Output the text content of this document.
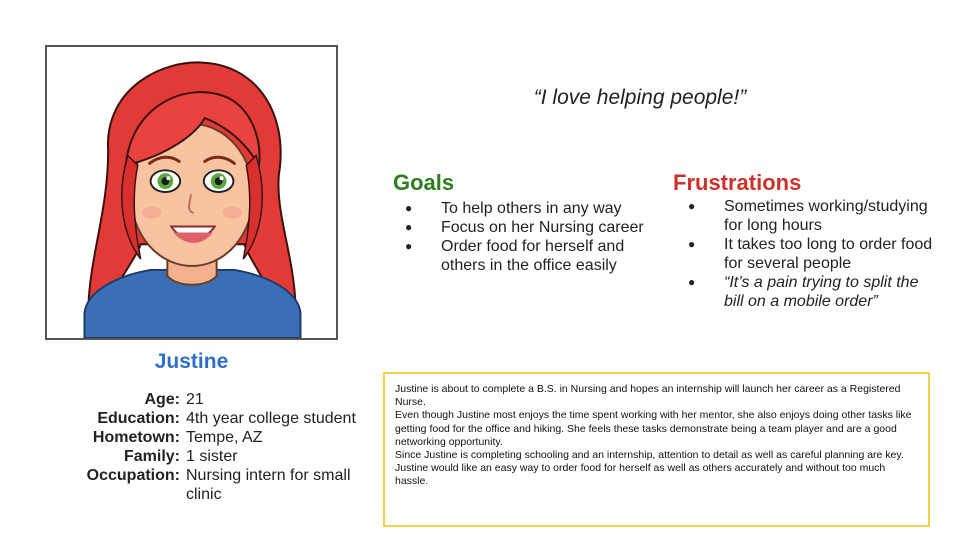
Justine
Age: 21
Education: 4th year college student
Hometown: Tempe, AZ
Family: 1 sister
Occupation: Nursing intern for small clinic
“I love helping people!”
Goals
● To help others in any way
● Focus on her Nursing career
● Order food for herself and others in the office easily
Frustrations
● Sometimes working/studying for long hours
● It takes too long to order food for several people
● “It’s a pain trying to split the bill on a mobile order”

Justine is about to complete a B.S. in Nursing and hopes an internship will launch her career as a Registered Nurse.

Even though Justine most enjoys the time spent working with her mentor, she also enjoys doing other tasks like getting food for the office and hiking. She feels these tasks demonstrate being a team player and are a good networking opportunity.

Since Justine is completing schooling and an internship, attention to detail as well as careful planning are key. Justine would like an easy way to order food for herself as well as others accurately and without too much hassle.
